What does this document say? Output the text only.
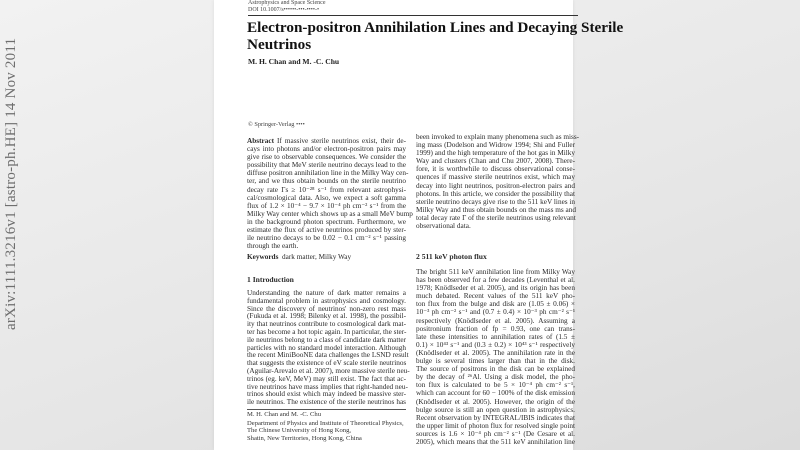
arXiv:1111.3216v1 [astro-ph.HE] 14 Nov 2011
Astrophysics and Space Science
DOI 10.1007/s••••••-•••-••••-•
Electron-positron Annihilation Lines and Decaying Sterile
Neutrinos
M. H. Chan and M. -C. Chu
© Springer-Verlag ••••
Abstract If massive sterile neutrinos exist, their de-
cays into photons and/or electron-positron pairs may
give rise to observable consequences. We consider the
possibility that MeV sterile neutrino decays lead to the
diffuse positron annihilation line in the Milky Way cen-
ter, and we thus obtain bounds on the sterile neutrino
decay rate Γs ≥ 10⁻²⁸ s⁻¹ from relevant astrophysi-
cal/cosmological data. Also, we expect a soft gamma
flux of 1.2 × 10⁻⁴ − 9.7 × 10⁻⁴ ph cm⁻² s⁻¹ from the
Milky Way center which shows up as a small MeV bump
in the background photon spectrum. Furthermore, we
estimate the flux of active neutrinos produced by ster-
ile neutrino decays to be 0.02 − 0.1 cm⁻² s⁻¹ passing
through the earth.
Keywords dark matter, Milky Way
1 Introduction
Understanding the nature of dark matter remains a
fundamental problem in astrophysics and cosmology.
Since the discovery of neutrinos' non-zero rest mass
(Fukuda et al. 1998; Bilenky et al. 1998), the possibil-
ity that neutrinos contribute to cosmological dark mat-
ter has become a hot topic again. In particular, the ster-
ile neutrinos belong to a class of candidate dark matter
particles with no standard model interaction. Although
the recent MiniBooNE data challenges the LSND result
that suggests the existence of eV scale sterile neutrinos
(Aguilar-Arevalo et al. 2007), more massive sterile neu-
trinos (eg. keV, MeV) may still exist. The fact that ac-
tive neutrinos have mass implies that right-handed neu-
trinos should exist which may indeed be massive ster-
ile neutrinos. The existence of the sterile neutrinos has
M. H. Chan and M. -C. Chu
Department of Physics and Institute of Theoretical Physics,
The Chinese University of Hong Kong,
Shatin, New Territories, Hong Kong, China
been invoked to explain many phenomena such as miss-
ing mass (Dodelson and Widrow 1994; Shi and Fuller
1999) and the high temperature of the hot gas in Milky
Way and clusters (Chan and Chu 2007, 2008). There-
fore, it is worthwhile to discuss observational conse-
quences if massive sterile neutrinos exist, which may
decay into light neutrinos, positron-electron pairs and
photons. In this article, we consider the possibility that
sterile neutrino decays give rise to the 511 keV lines in
Milky Way and thus obtain bounds on the mass ms and
total decay rate Γ of the sterile neutrinos using relevant
observational data.
2 511 keV photon flux
The bright 511 keV annihilation line from Milky Way
has been observed for a few decades (Leventhal et al.
1978; Knödlseder et al. 2005), and its origin has been
much debated. Recent values of the 511 keV pho-
ton flux from the bulge and disk are (1.05 ± 0.06) ×
10⁻³ ph cm⁻² s⁻¹ and (0.7 ± 0.4) × 10⁻³ ph cm⁻² s⁻¹
respectively (Knödlseder et al. 2005). Assuming a
positronium fraction of fp = 0.93, one can trans-
late these intensities to annihilation rates of (1.5 ±
0.1) × 10⁴³ s⁻¹ and (0.3 ± 0.2) × 10⁴³ s⁻¹ respectively
(Knödlseder et al. 2005). The annihilation rate in the
bulge is several times larger than that in the disk.
The source of positrons in the disk can be explained
by the decay of ²⁶Al. Using a disk model, the pho-
ton flux is calculated to be 5 × 10⁻⁴ ph cm⁻² s⁻¹,
which can account for 60 − 100% of the disk emission
(Knödlseder et al. 2005). However, the origin of the
bulge source is still an open question in astrophysics.
Recent observation by INTEGRAL/IBIS indicates that
the upper limit of photon flux for resolved single point
sources is 1.6 × 10⁻⁴ ph cm⁻² s⁻¹ (De Cesare et al.
2005), which means that the 511 keV annihilation line
